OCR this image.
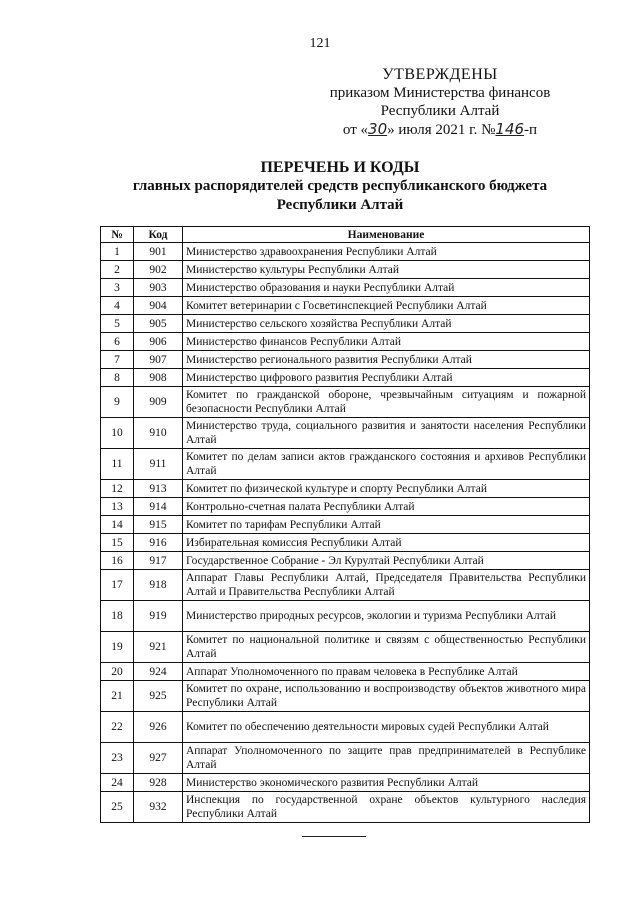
121
УТВЕРЖДЕНЫ
приказом Министерства финансов
Республики Алтай
от «30» июля 2021 г. №146-п
ПЕРЕЧЕНЬ И КОДЫ
главных распорядителей средств республиканского бюджета
Республики Алтай
№	Код	Наименование
1	901	Министерство здравоохранения Республики Алтай
2	902	Министерство культуры Республики Алтай
3	903	Министерство образования и науки Республики Алтай
4	904	Комитет ветеринарии с Госветинспекцией Республики Алтай
5	905	Министерство сельского хозяйства Республики Алтай
6	906	Министерство финансов Республики Алтай
7	907	Министерство регионального развития Республики Алтай
8	908	Министерство цифрового развития Республики Алтай
9	909	Комитет по гражданской обороне, чрезвычайным ситуациям и пожарной безопасности Республики Алтай
10	910	Министерство труда, социального развития и занятости населения Республики Алтай
11	911	Комитет по делам записи актов гражданского состояния и архивов Республики Алтай
12	913	Комитет по физической культуре и спорту Республики Алтай
13	914	Контрольно-счетная палата Республики Алтай
14	915	Комитет по тарифам Республики Алтай
15	916	Избирательная комиссия Республики Алтай
16	917	Государственное Собрание - Эл Курултай Республики Алтай
17	918	Аппарат Главы Республики Алтай, Председателя Правительства Республики Алтай и Правительства Республики Алтай
18	919	Министерство природных ресурсов, экологии и туризма Республики Алтай
19	921	Комитет по национальной политике и связям с общественностью Республики Алтай
20	924	Аппарат Уполномоченного по правам человека в Республике Алтай
21	925	Комитет по охране, использованию и воспроизводству объектов животного мира Республики Алтай
22	926	Комитет по обеспечению деятельности мировых судей Республики Алтай
23	927	Аппарат Уполномоченного по защите прав предпринимателей в Республике Алтай
24	928	Министерство экономического развития Республики Алтай
25	932	Инспекция по государственной охране объектов культурного наследия Республики Алтай
